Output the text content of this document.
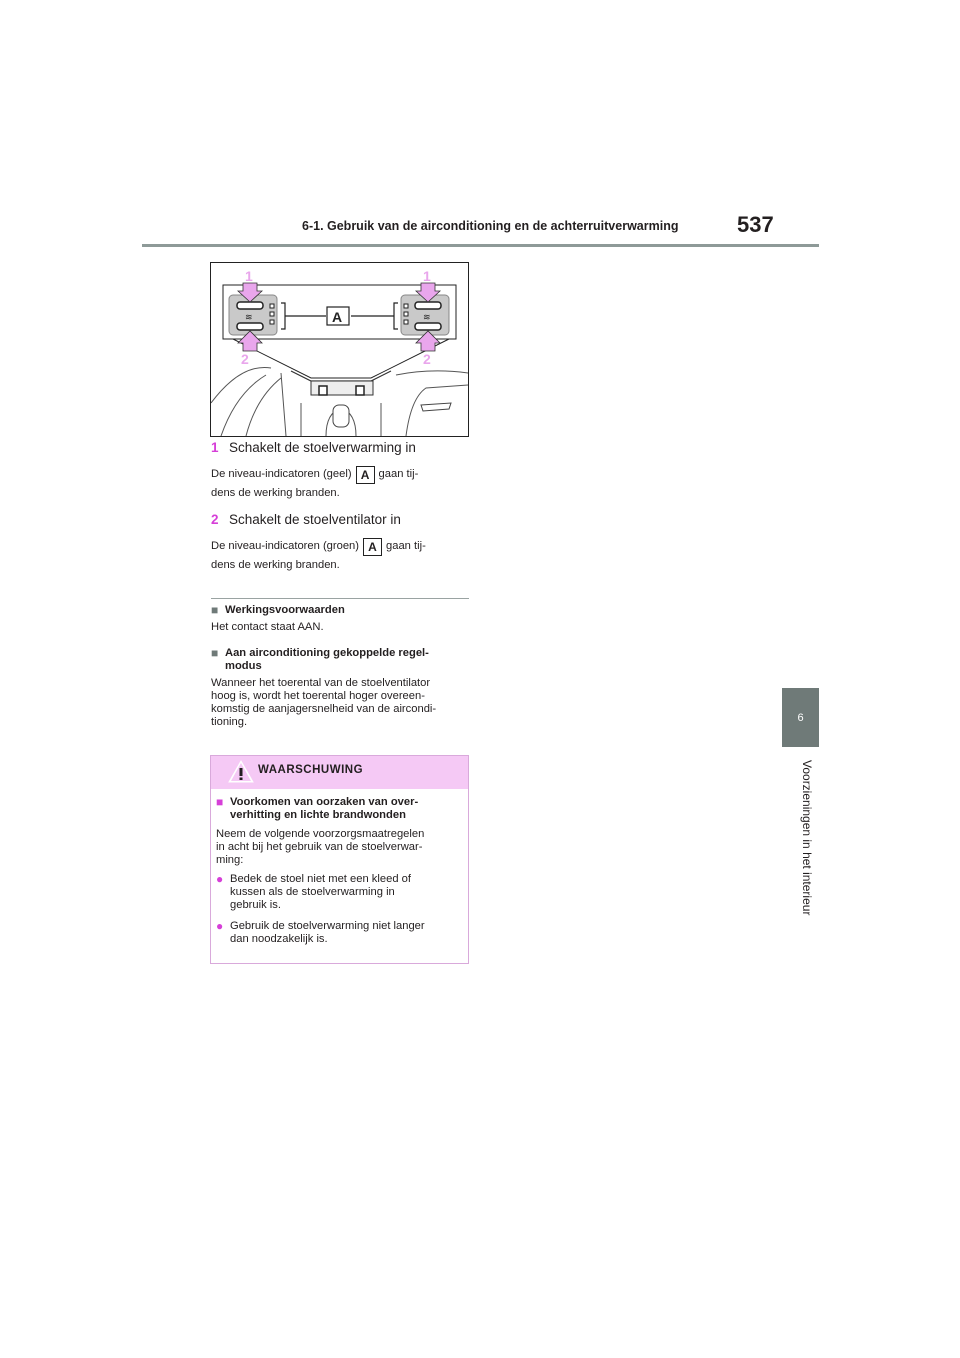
6-1. Gebruik van de airconditioning en de achterruitverwarming	537
6
Voorzieningen in het interieur
≋	≋
A
1	1
2	2
1 Schakelt de stoelverwarming in
De niveau-indicatoren (geel) A gaan tij-
dens de werking branden.
2 Schakelt de stoelventilator in
De niveau-indicatoren (groen) A gaan tij-
dens de werking branden.
■ Werkingsvoorwaarden
Het contact staat AAN.
■ Aan airconditioning gekoppelde regel-
modus
Wanneer het toerental van de stoelventilator
hoog is, wordt het toerental hoger overeen-
komstig de aanjagersnelheid van de aircondi-
tioning.
WAARSCHUWING
■ Voorkomen van oorzaken van over-
verhitting en lichte brandwonden
Neem de volgende voorzorgsmaatregelen
in acht bij het gebruik van de stoelverwar-
ming:
● Bedek de stoel niet met een kleed of
kussen als de stoelverwarming in
gebruik is.
● Gebruik de stoelverwarming niet langer
dan noodzakelijk is.
